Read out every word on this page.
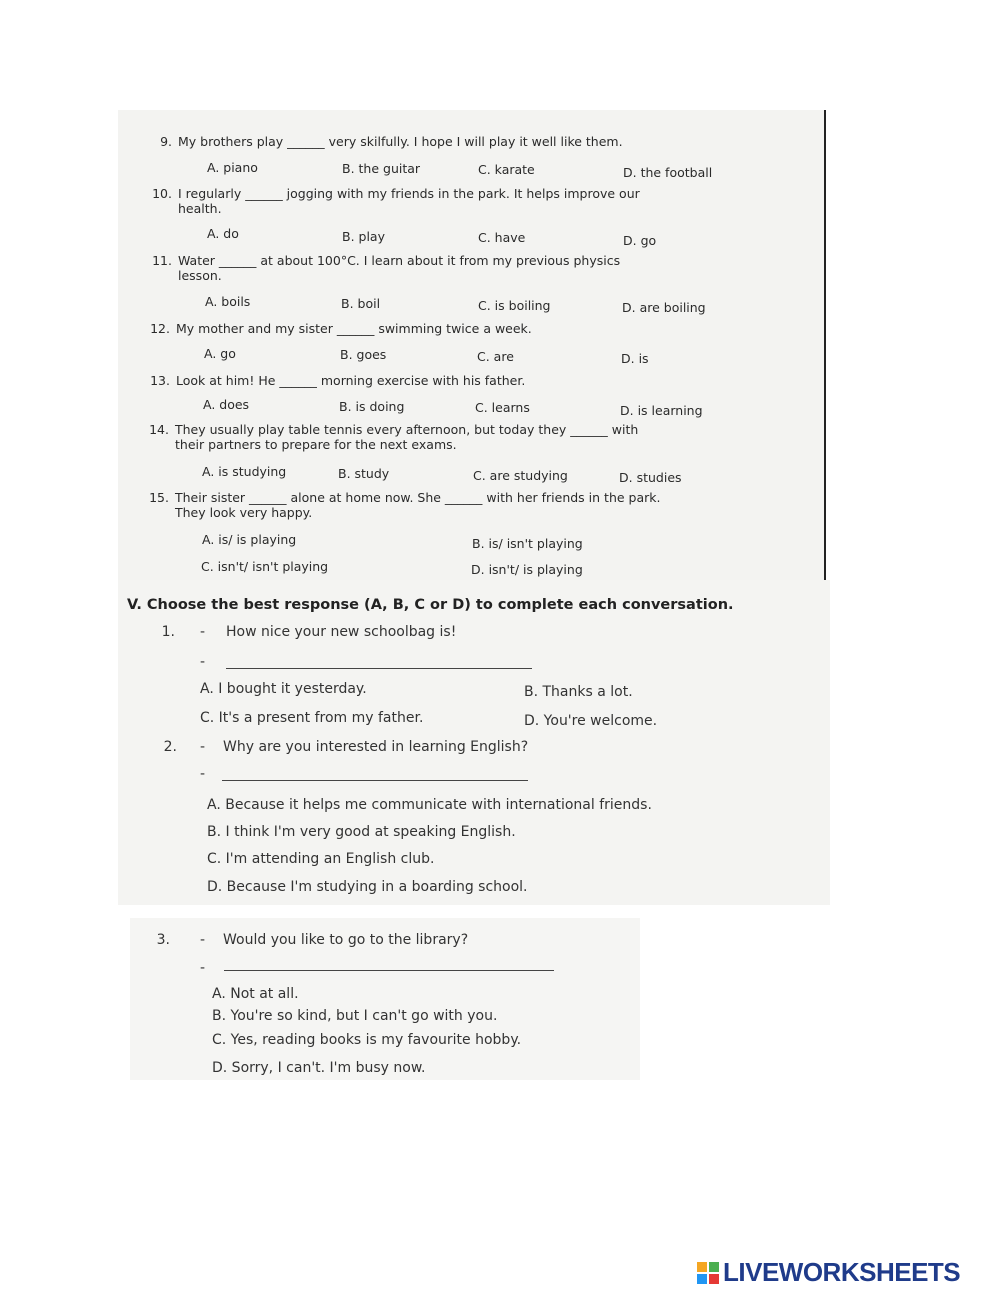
9. My brothers play ______ very skilfully. I hope I will play it well like them.
A. piano	B. the guitar	C. karate	D. the football
10. I regularly ______ jogging with my friends in the park. It helps improve our
health.
A. do	B. play	C. have	D. go
11. Water ______ at about 100°C. I learn about it from my previous physics
lesson.
A. boils	B. boil	C. is boiling	D. are boiling
12. My mother and my sister ______ swimming twice a week.
A. go	B. goes	C. are	D. is
13. Look at him! He ______ morning exercise with his father.
A. does	B. is doing	C. learns	D. is learning
14. They usually play table tennis every afternoon, but today they ______ with
their partners to prepare for the next exams.
A. is studying	B. study	C. are studying	D. studies
15. Their sister ______ alone at home now. She ______ with her friends in the park.
They look very happy.
A. is/ is playing	B. is/ isn't playing
C. isn't/ isn't playing	D. isn't/ is playing
V. Choose the best response (A, B, C or D) to complete each conversation.
1. - How nice your new schoolbag is!
-
A. I bought it yesterday.	B. Thanks a lot.
C. It's a present from my father.	D. You're welcome.
2. - Why are you interested in learning English?
-
A. Because it helps me communicate with international friends.
B. I think I'm very good at speaking English.
C. I'm attending an English club.
D. Because I'm studying in a boarding school.
3. - Would you like to go to the library?
-
A. Not at all.
B. You're so kind, but I can't go with you.
C. Yes, reading books is my favourite hobby.
D. Sorry, I can't. I'm busy now.
LIVEWORKSHEETS
